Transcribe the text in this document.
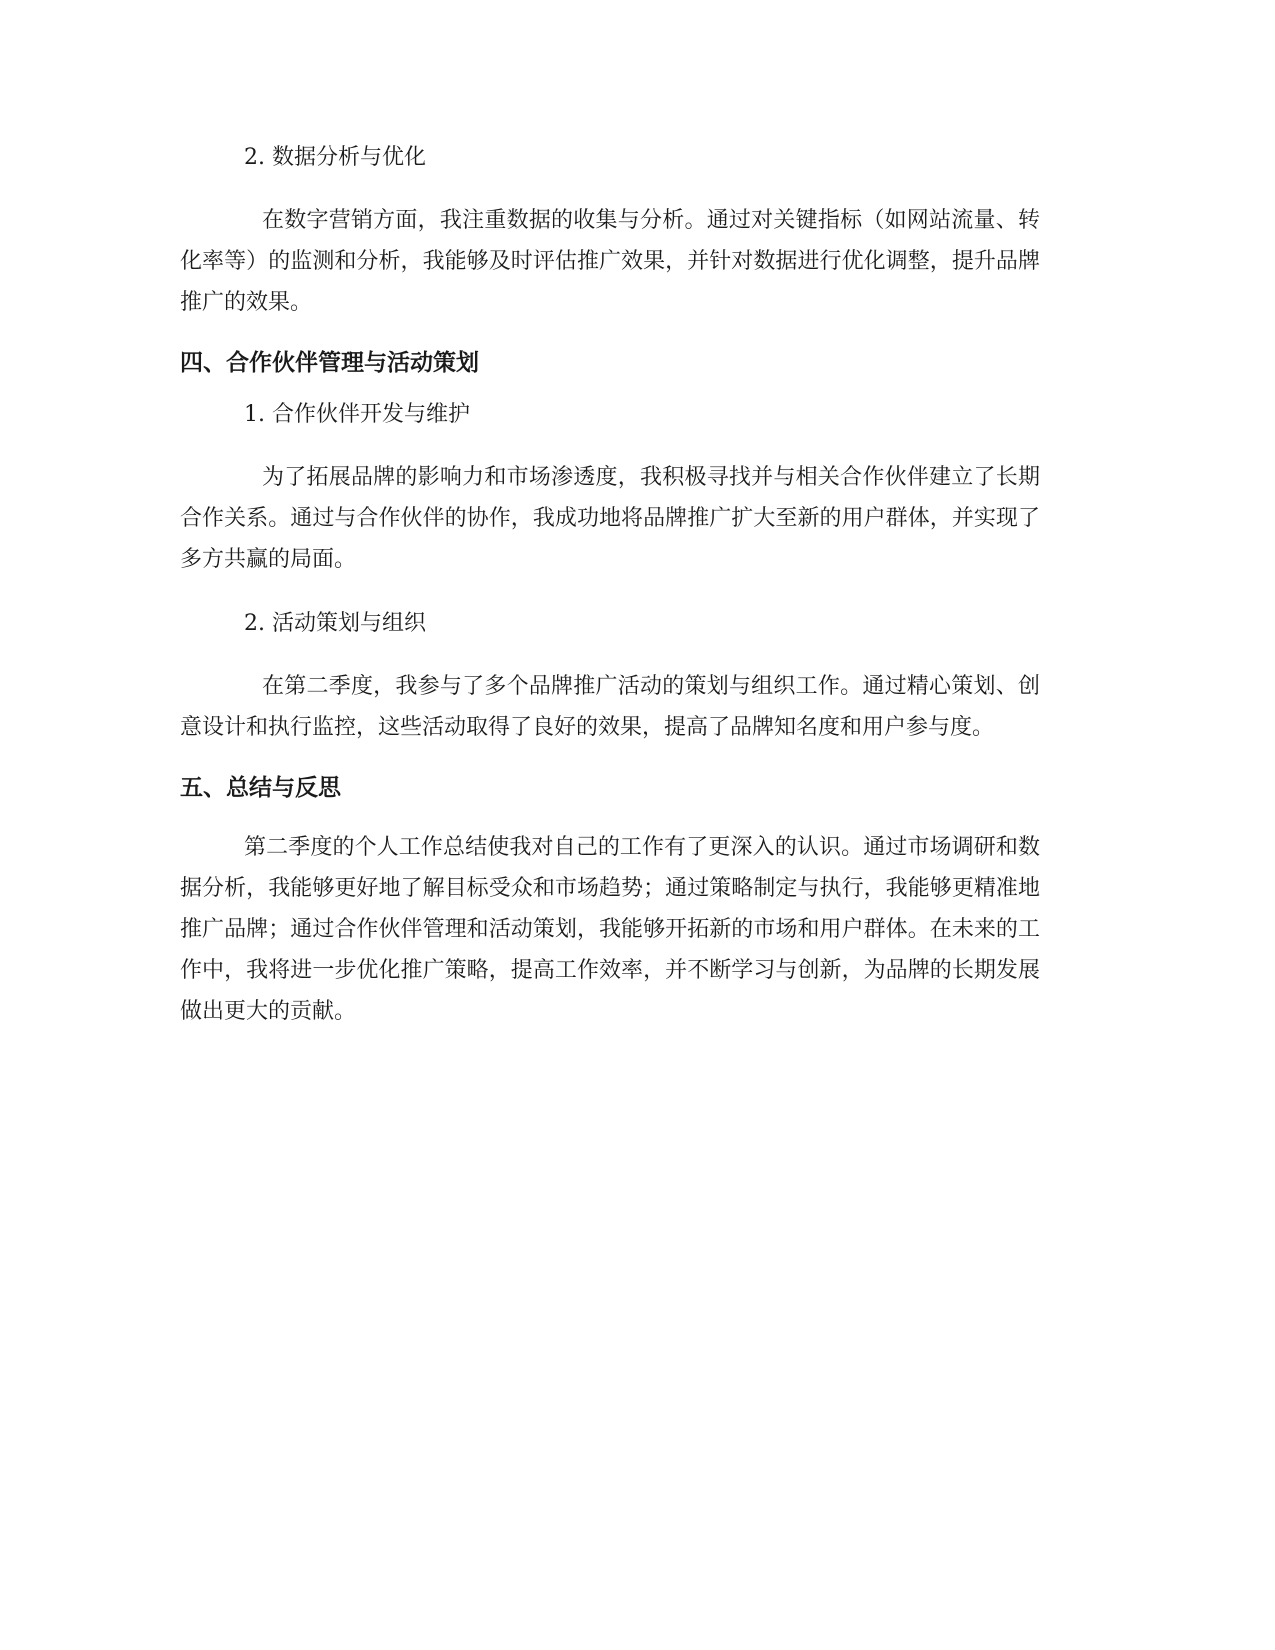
2. 数据分析与优化

在数字营销方面，我注重数据的收集与分析。通过对关键指标（如网站流量、转化率等）的监测和分析，我能够及时评估推广效果，并针对数据进行优化调整，提升品牌推广的效果。

四、合作伙伴管理与活动策划

1. 合作伙伴开发与维护

为了拓展品牌的影响力和市场渗透度，我积极寻找并与相关合作伙伴建立了长期合作关系。通过与合作伙伴的协作，我成功地将品牌推广扩大至新的用户群体，并实现了多方共赢的局面。

2. 活动策划与组织

在第二季度，我参与了多个品牌推广活动的策划与组织工作。通过精心策划、创意设计和执行监控，这些活动取得了良好的效果，提高了品牌知名度和用户参与度。

五、总结与反思

第二季度的个人工作总结使我对自己的工作有了更深入的认识。通过市场调研和数据分析，我能够更好地了解目标受众和市场趋势；通过策略制定与执行，我能够更精准地推广品牌；通过合作伙伴管理和活动策划，我能够开拓新的市场和用户群体。在未来的工作中，我将进一步优化推广策略，提高工作效率，并不断学习与创新，为品牌的长期发展做出更大的贡献。
